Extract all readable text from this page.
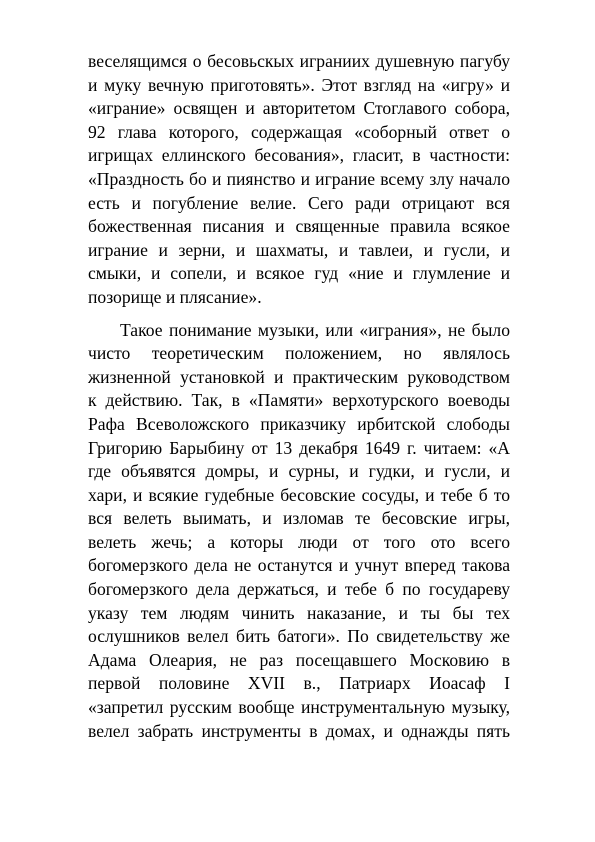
веселящимся о бесовьскых играниих душевную пагубу
и муку вечную приготовять». Этот взгляд на «игру» и
«играние» освящен и авторитетом Стоглавого собора,
92 глава которого, содержащая «соборный ответ о
игрищах еллинского бесования», гласит, в частности:
«Праздность бо и пиянство и играние всему злу начало
есть и погубление велие. Сего ради отрицают вся
божественная писания и священные правила всякое
играние и зерни, и шахматы, и тавлеи, и гусли, и
смыки, и сопели, и всякое гуд «ние и глумление и
позорище и плясание».

Такое понимание музыки, или «играния», не было
чисто теоретическим положением, но являлось
жизненной установкой и практическим руководством
к действию. Так, в «Памяти» верхотурского воеводы
Рафа Всеволожского приказчику ирбитской слободы
Григорию Барыбину от 13 декабря 1649 г. читаем: «А
где объявятся домры, и сурны, и гудки, и гусли, и
хари, и всякие гудебные бесовские сосуды, и тебе б то
вся велеть выимать, и изломав те бесовские игры,
велеть жечь; а которы люди от того ото всего
богомерзкого дела не останутся и учнут вперед такова
богомерзкого дела держаться, и тебе б по государеву
указу тем людям чинить наказание, и ты бы тех
ослушников велел бить батоги». По свидетельству же
Адама Олеария, не раз посещавшего Московию в
первой половине XVII в., Патриарх Иоасаф I
«запретил русским вообще инструментальную музыку,
велел забрать инструменты в домах, и однажды пять
